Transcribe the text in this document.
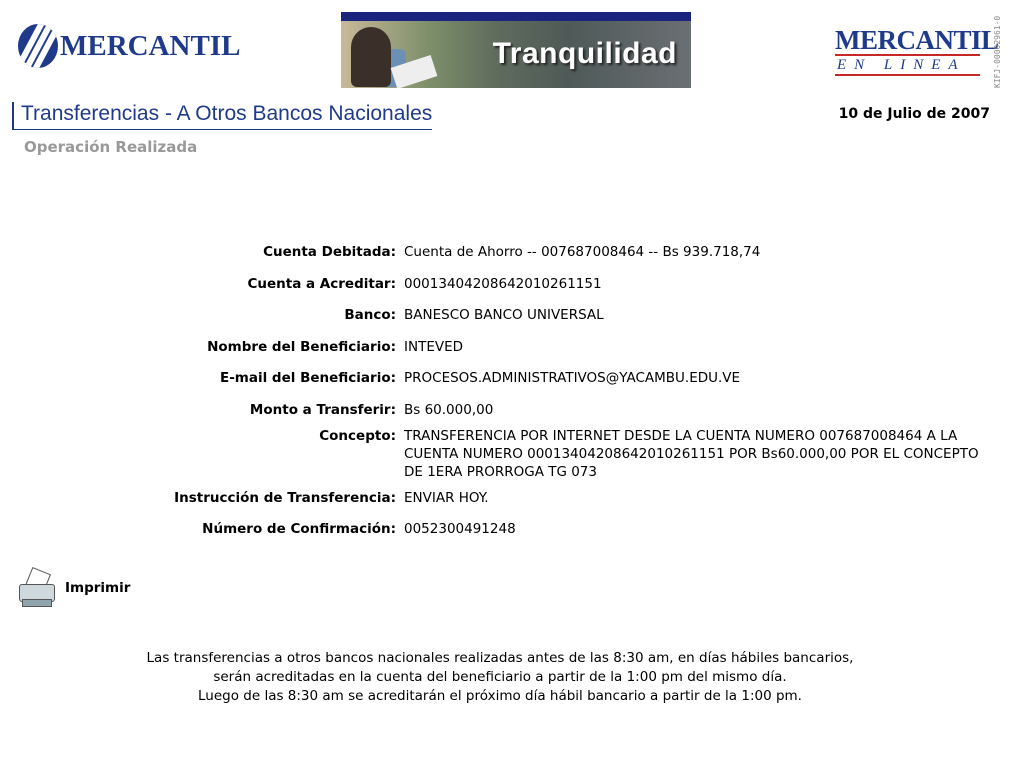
MERCANTIL	Tranquilidad	MERCANTIL
EN LINEA	KIFJ-00002961-0
Transferencias - A Otros Bancos Nacionales	10 de Julio de 2007
Operación Realizada
Cuenta Debitada: Cuenta de Ahorro -- 007687008464 -- Bs 939.718,74
Cuenta a Acreditar: 00013404208642010261151
Banco: BANESCO BANCO UNIVERSAL
Nombre del Beneficiario: INTEVED
E-mail del Beneficiario: PROCESOS.ADMINISTRATIVOS@YACAMBU.EDU.VE
Monto a Transferir: Bs 60.000,00
Concepto: TRANSFERENCIA POR INTERNET DESDE LA CUENTA NUMERO 007687008464 A LA CUENTA NUMERO 00013404208642010261151 POR Bs60.000,00 POR EL CONCEPTO DE 1ERA PRORROGA TG 073
Instrucción de Transferencia: ENVIAR HOY.
Número de Confirmación: 0052300491248
Imprimir
Las transferencias a otros bancos nacionales realizadas antes de las 8:30 am, en días hábiles bancarios,
serán acreditadas en la cuenta del beneficiario a partir de la 1:00 pm del mismo día.
Luego de las 8:30 am se acreditarán el próximo día hábil bancario a partir de la 1:00 pm.
